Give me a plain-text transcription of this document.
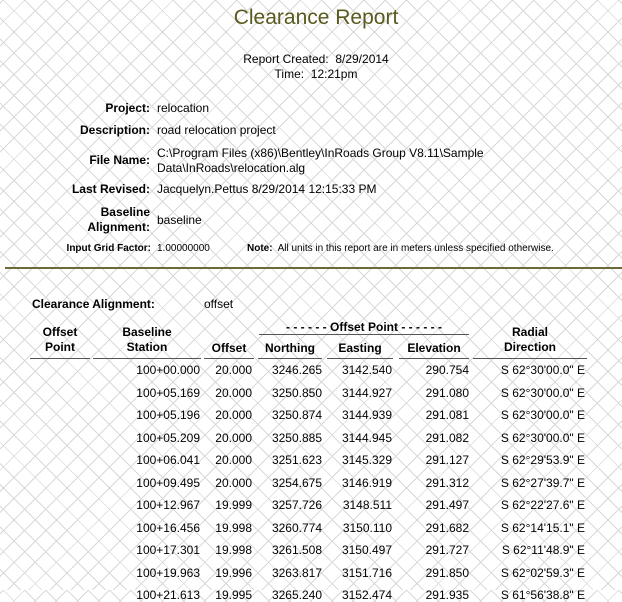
Clearance Report
Report Created: 8/29/2014
Time: 12:21pm
Project: relocation
Description: road relocation project
File Name: C:\Program Files (x86)\Bentley\InRoads Group V8.11\Sample
Data\InRoads\relocation.alg
Last Revised: Jacquelyn.Pettus 8/29/2014 12:15:33 PM
Baseline
Alignment: baseline
Input Grid Factor: 1.00000000	Note: All units in this report are in meters unless specified otherwise.
Clearance Alignment:	offset
Offset
Point
Baseline
Station
- - - - - - Offset Point - - - - - -
Offset	Northing	Easting	Elevation
Radial
Direction
100+00.000 20.000 3246.265 3142.540	290.754	S 62°30'00.0" E
100+05.169 20.000 3250.850 3144.927	291.080	S 62°30'00.0" E
100+05.196 20.000 3250.874 3144.939	291.081	S 62°30'00.0" E
100+05.209 20.000 3250.885 3144.945	291.082	S 62°30'00.0" E
100+06.041 20.000 3251.623 3145.329	291.127	S 62°29'53.9" E
100+09.495 20.000 3254.675 3146.919	291.312	S 62°27'39.7" E
100+12.967 19.999 3257.726 3148.511	291.497	S 62°22'27.6" E
100+16.456 19.998 3260.774 3150.110	291.682	S 62°14'15.1" E
100+17.301 19.998 3261.508 3150.497	291.727	S 62°11'48.9" E
100+19.963 19.996 3263.817 3151.716	291.850	S 62°02'59.3" E
100+21.613 19.995 3265.240 3152.474	291.935	S 61°56'38.8" E
